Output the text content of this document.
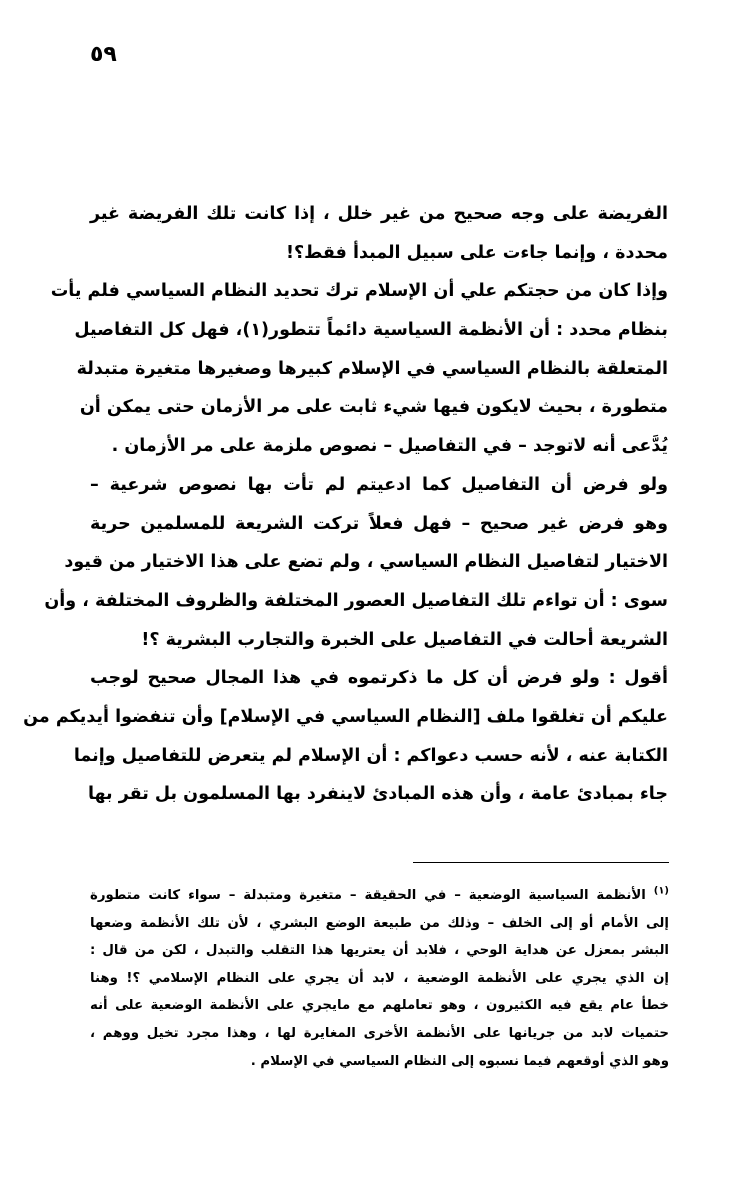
٥٩
الفريضة على وجه صحيح من غير خلل ، إذا كانت تلك الفريضة غير
محددة ، وإنما جاءت على سبيل المبدأ فقط؟!
وإذا كان من حجتكم علي أن الإسلام ترك تحديد النظام السياسي فلم يأت
بنظام محدد : أن الأنظمة السياسية دائماً تتطور(١)، فهل كل التفاصيل
المتعلقة بالنظام السياسي في الإسلام كبيرها وصغيرها متغيرة متبدلة
متطورة ، بحيث لايكون فيها شيء ثابت على مر الأزمان حتى يمكن أن
يُدَّعى أنه لاتوجد – في التفاصيل – نصوص ملزمة على مر الأزمان .
ولو فرض أن التفاصيل كما ادعيتم لم تأت بها نصوص شرعية –
وهو فرض غير صحيح – فهل فعلاً تركت الشريعة للمسلمين حرية
الاختيار لتفاصيل النظام السياسي ، ولم تضع على هذا الاختيار من قيود
سوى : أن تواءم تلك التفاصيل العصور المختلفة والظروف المختلفة ، وأن
الشريعة أحالت في التفاصيل على الخبرة والتجارب البشرية ؟!
أقول : ولو فرض أن كل ما ذكرتموه في هذا المجال صحيح لوجب
عليكم أن تغلقوا ملف [النظام السياسي في الإسلام] وأن تنفضوا أيديكم من
الكتابة عنه ، لأنه حسب دعواكم : أن الإسلام لم يتعرض للتفاصيل وإنما
جاء بمبادئ عامة ، وأن هذه المبادئ لاينفرد بها المسلمون بل تقر بها
$^{(١)}$ الأنظمة السياسية الوضعية – في الحقيقة – متغيرة ومتبدلة – سواء كانت متطورة
إلى الأمام أو إلى الخلف – وذلك من طبيعة الوضع البشري ، لأن تلك الأنظمة وضعها
البشر بمعزل عن هداية الوحي ، فلابد أن يعتريها هذا التقلب والتبدل ، لكن من قال :
إن الذي يجري على الأنظمة الوضعية ، لابد أن يجري على النظام الإسلامي ؟! وهنا
خطأ عام يقع فيه الكثيرون ، وهو تعاملهم مع مايجري على الأنظمة الوضعية على أنه
حتميات لابد من جريانها على الأنظمة الأخرى المغايرة لها ، وهذا مجرد تخيل ووهم ،
وهو الذي أوقعهم فيما نسبوه إلى النظام السياسي في الإسلام .
